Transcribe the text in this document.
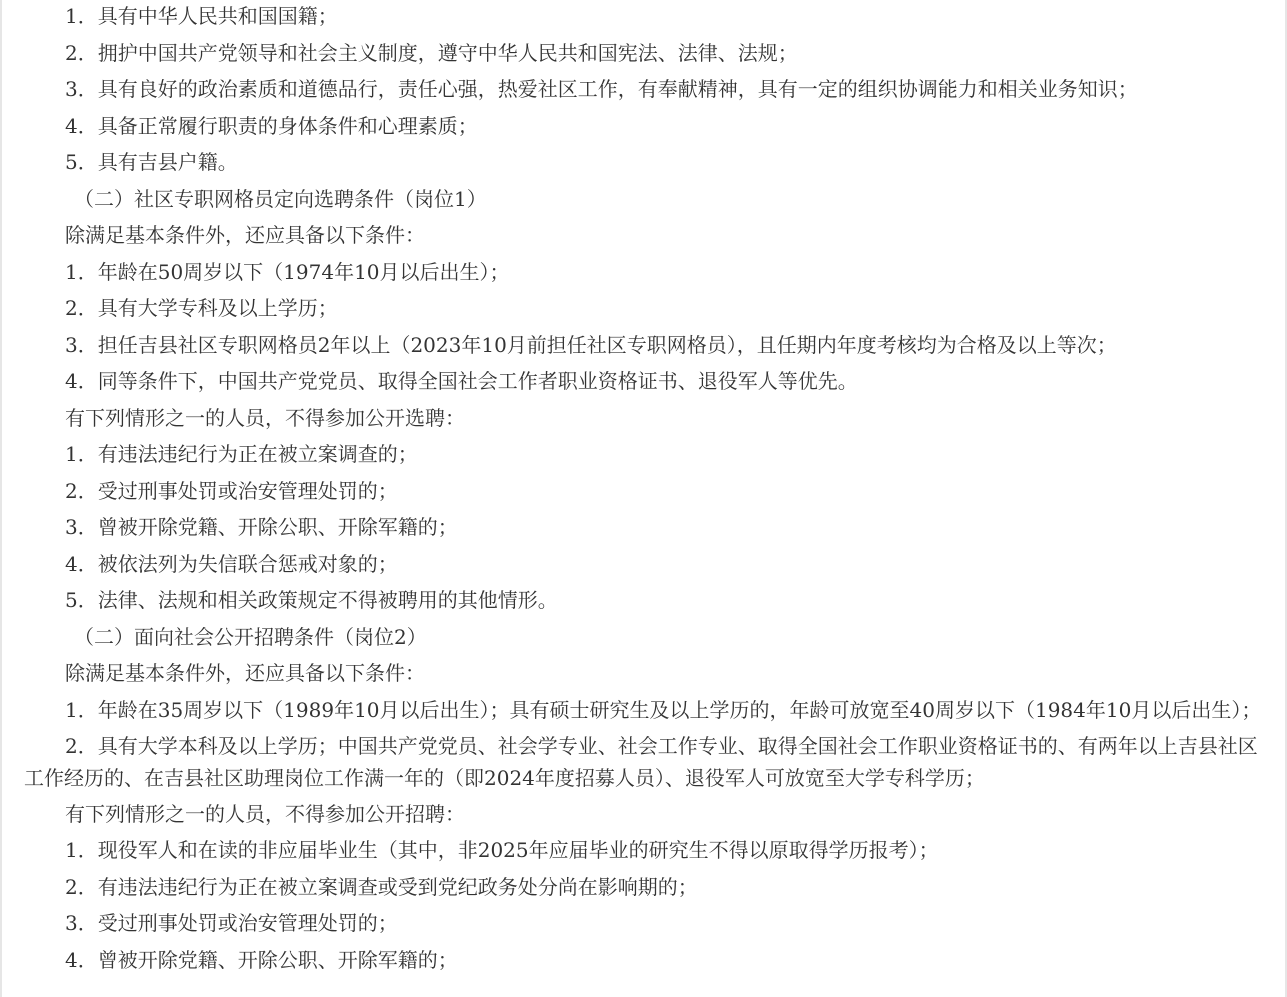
1．具有中华人民共和国国籍；

2．拥护中国共产党领导和社会主义制度，遵守中华人民共和国宪法、法律、法规；

3．具有良好的政治素质和道德品行，责任心强，热爱社区工作，有奉献精神，具有一定的组织协调能力和相关业务知识；

4．具备正常履行职责的身体条件和心理素质；

5．具有吉县户籍。

（二）社区专职网格员定向选聘条件（岗位1）

除满足基本条件外，还应具备以下条件：

1．年龄在50周岁以下（1974年10月以后出生）；

2．具有大学专科及以上学历；

3．担任吉县社区专职网格员2年以上（2023年10月前担任社区专职网格员），且任期内年度考核均为合格及以上等次；

4．同等条件下，中国共产党党员、取得全国社会工作者职业资格证书、退役军人等优先。

有下列情形之一的人员，不得参加公开选聘：

1．有违法违纪行为正在被立案调查的；

2．受过刑事处罚或治安管理处罚的；

3．曾被开除党籍、开除公职、开除军籍的；

4．被依法列为失信联合惩戒对象的；

5．法律、法规和相关政策规定不得被聘用的其他情形。

（二）面向社会公开招聘条件（岗位2）

除满足基本条件外，还应具备以下条件：

1．年龄在35周岁以下（1989年10月以后出生）；具有硕士研究生及以上学历的，年龄可放宽至40周岁以下（1984年10月以后出生）；

2．具有大学本科及以上学历；中国共产党党员、社会学专业、社会工作专业、取得全国社会工作职业资格证书的、有两年以上吉县社区工作经历的、在吉县社区助理岗位工作满一年的（即2024年度招募人员）、退役军人可放宽至大学专科学历；

有下列情形之一的人员，不得参加公开招聘：

1．现役军人和在读的非应届毕业生（其中，非2025年应届毕业的研究生不得以原取得学历报考）；

2．有违法违纪行为正在被立案调查或受到党纪政务处分尚在影响期的；

3．受过刑事处罚或治安管理处罚的；

4．曾被开除党籍、开除公职、开除军籍的；
